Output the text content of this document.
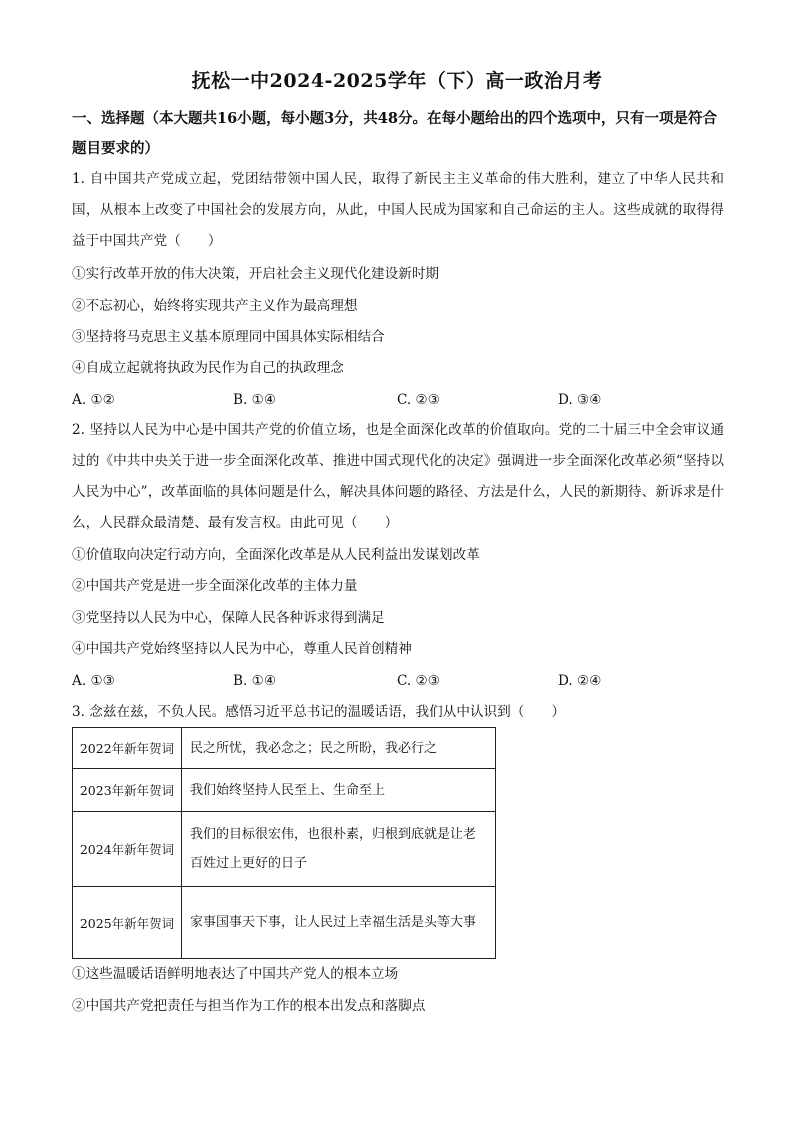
抚松一中2024-2025学年（下）高一政治月考
一、选择题（本大题共16小题，每小题3分，共48分。在每小题给出的四个选项中，只有一项是符合题目要求的）
1. 自中国共产党成立起，党团结带领中国人民，取得了新民主主义革命的伟大胜利，建立了中华人民共和国，从根本上改变了中国社会的发展方向，从此，中国人民成为国家和自己命运的主人。这些成就的取得得益于中国共产党（　　）
①实行改革开放的伟大决策，开启社会主义现代化建设新时期
②不忘初心，始终将实现共产主义作为最高理想
③坚持将马克思主义基本原理同中国具体实际相结合
④自成立起就将执政为民作为自己的执政理念
A. ①②	B. ①④	C. ②③	D. ③④
2. 坚持以人民为中心是中国共产党的价值立场，也是全面深化改革的价值取向。党的二十届三中全会审议通过的《中共中央关于进一步全面深化改革、推进中国式现代化的决定》强调进一步全面深化改革必须“坚持以人民为中心”，改革面临的具体问题是什么，解决具体问题的路径、方法是什么，人民的新期待、新诉求是什么，人民群众最清楚、最有发言权。由此可见（　　）
①价值取向决定行动方向，全面深化改革是从人民利益出发谋划改革
②中国共产党是进一步全面深化改革的主体力量
③党坚持以人民为中心，保障人民各种诉求得到满足
④中国共产党始终坚持以人民为中心，尊重人民首创精神
A. ①③	B. ①④	C. ②③	D. ②④
3. 念兹在兹，不负人民。感悟习近平总书记的温暖话语，我们从中认识到（　　）
2022年新年贺词	民之所忧，我必念之；民之所盼，我必行之
2023年新年贺词	我们始终坚持人民至上、生命至上
2024年新年贺词	我们的目标很宏伟，也很朴素，归根到底就是让老百姓过上更好的日子
2025年新年贺词	家事国事天下事，让人民过上幸福生活是头等大事
①这些温暖话语鲜明地表达了中国共产党人的根本立场
②中国共产党把责任与担当作为工作的根本出发点和落脚点
